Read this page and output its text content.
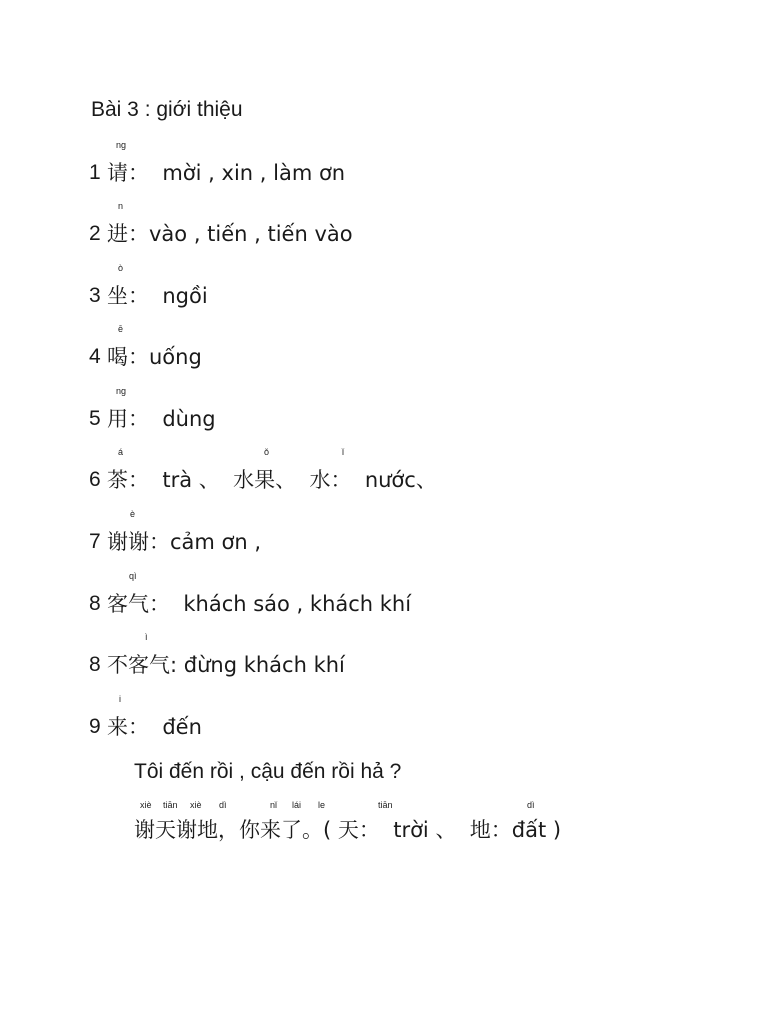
Bài 3 : giới thiệu
ng
1 请：  mời , xin , làm ơn
n
2 进：vào , tiến , tiến vào
ò
3 坐：  ngồi
ē
4 喝：uống
ng
5 用：  dùng
á	ǒ	ǐ
6 茶：  trà 、  水果、  水：  nước、
è
7 谢谢：cảm ơn ,
qì
8 客气：  khách sáo , khách khí
ì
8 不客气: đừng khách khí
i
9 来：  đến
Tôi đến rồi , cậu đến rồi hả ?
xiè tiān xiè dì	nǐ lái le	tiān	dì
谢天谢地，你来了。( 天：  trời 、  地：đất )
